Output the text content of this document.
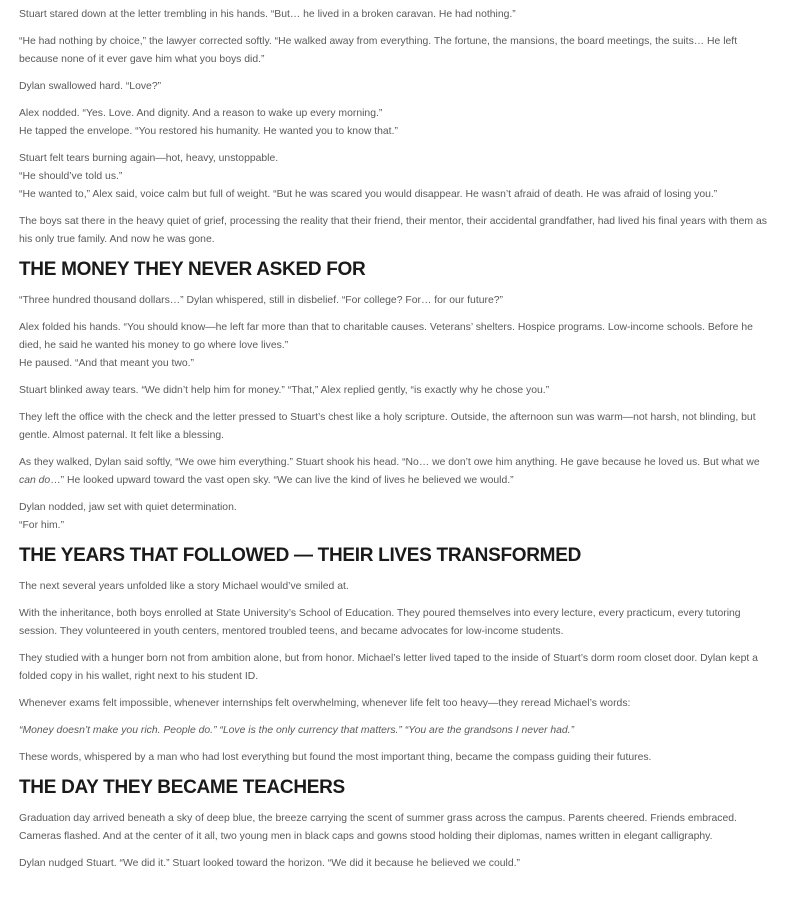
Stuart stared down at the letter trembling in his hands. “But… he lived in a broken caravan. He had nothing.”

“He had nothing by choice,” the lawyer corrected softly. “He walked away from everything. The fortune, the mansions, the board meetings, the suits… He left because none of it ever gave him what you boys did.”

Dylan swallowed hard. “Love?”

Alex nodded. “Yes. Love. And dignity. And a reason to wake up every morning.”
He tapped the envelope. “You restored his humanity. He wanted you to know that.”

Stuart felt tears burning again—hot, heavy, unstoppable.
“He should’ve told us.”
“He wanted to,” Alex said, voice calm but full of weight. “But he was scared you would disappear. He wasn’t afraid of death. He was afraid of losing you.”

The boys sat there in the heavy quiet of grief, processing the reality that their friend, their mentor, their accidental grandfather, had lived his final years with them as his only true family. And now he was gone.

THE MONEY THEY NEVER ASKED FOR

“Three hundred thousand dollars…” Dylan whispered, still in disbelief. “For college? For… for our future?”

Alex folded his hands. “You should know—he left far more than that to charitable causes. Veterans’ shelters. Hospice programs. Low-income schools. Before he died, he said he wanted his money to go where love lives.”
He paused. “And that meant you two.”

Stuart blinked away tears. “We didn’t help him for money.” “That,” Alex replied gently, “is exactly why he chose you.”

They left the office with the check and the letter pressed to Stuart’s chest like a holy scripture. Outside, the afternoon sun was warm—not harsh, not blinding, but gentle. Almost paternal. It felt like a blessing.

As they walked, Dylan said softly, “We owe him everything.” Stuart shook his head. “No… we don’t owe him anything. He gave because he loved us. But what we can do…” He looked upward toward the vast open sky. “We can live the kind of lives he believed we would.”

Dylan nodded, jaw set with quiet determination.
“For him.”

THE YEARS THAT FOLLOWED — THEIR LIVES TRANSFORMED

The next several years unfolded like a story Michael would’ve smiled at.

With the inheritance, both boys enrolled at State University’s School of Education. They poured themselves into every lecture, every practicum, every tutoring session. They volunteered in youth centers, mentored troubled teens, and became advocates for low-income students.

They studied with a hunger born not from ambition alone, but from honor. Michael’s letter lived taped to the inside of Stuart’s dorm room closet door. Dylan kept a folded copy in his wallet, right next to his student ID.

Whenever exams felt impossible, whenever internships felt overwhelming, whenever life felt too heavy—they reread Michael’s words:

“Money doesn’t make you rich. People do.” “Love is the only currency that matters.” “You are the grandsons I never had.”

These words, whispered by a man who had lost everything but found the most important thing, became the compass guiding their futures.

THE DAY THEY BECAME TEACHERS

Graduation day arrived beneath a sky of deep blue, the breeze carrying the scent of summer grass across the campus. Parents cheered. Friends embraced. Cameras flashed. And at the center of it all, two young men in black caps and gowns stood holding their diplomas, names written in elegant calligraphy.

Dylan nudged Stuart. “We did it.” Stuart looked toward the horizon. “We did it because he believed we could.”
